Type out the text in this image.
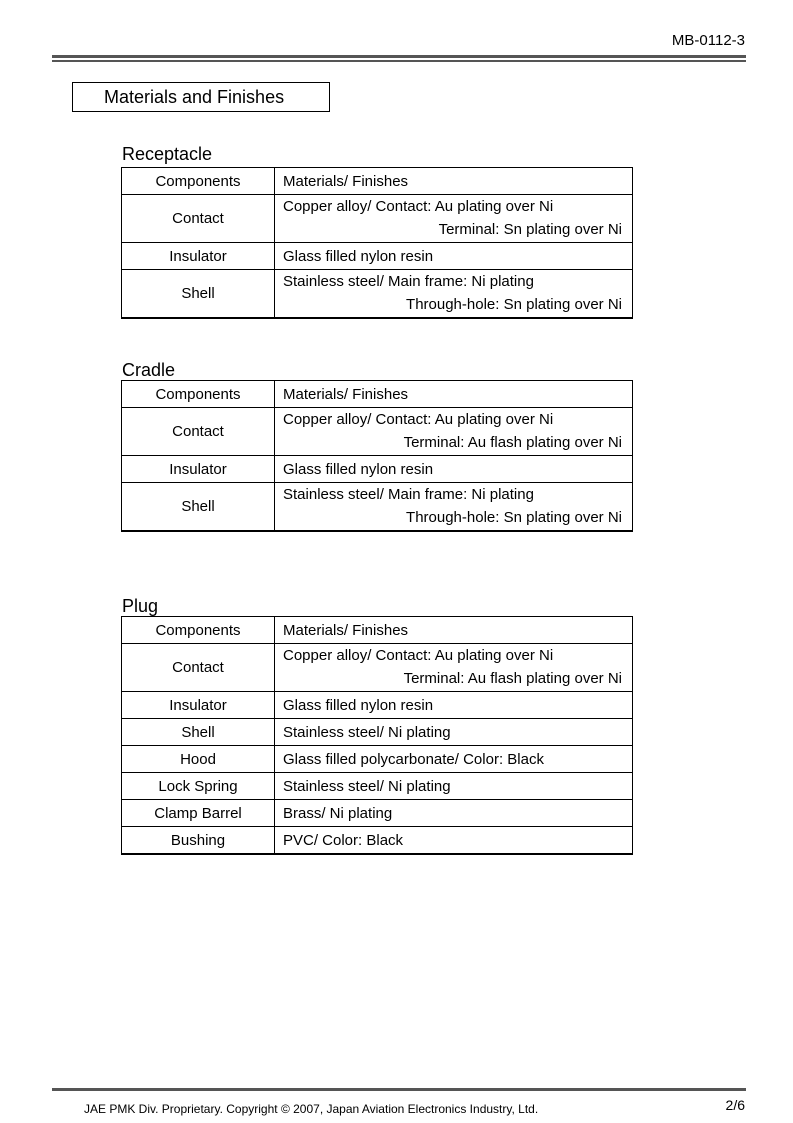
MB-0112-3
Materials and Finishes
Receptacle
Components	Materials/ Finishes
Contact	Copper alloy/ Contact: Au plating over Ni
Terminal: Sn plating over Ni

Insulator	Glass filled nylon resin
Shell	Stainless steel/ Main frame: Ni plating
Through-hole: Sn plating over Ni
Cradle
Components	Materials/ Finishes
Contact	Copper alloy/ Contact: Au plating over Ni
Terminal: Au flash plating over Ni

Insulator	Glass filled nylon resin
Shell	Stainless steel/ Main frame: Ni plating
Through-hole: Sn plating over Ni
Plug
Components	Materials/ Finishes
Contact	Copper alloy/ Contact: Au plating over Ni
Terminal: Au flash plating over Ni

Insulator	Glass filled nylon resin
Shell	Stainless steel/ Ni plating
Hood	Glass filled polycarbonate/ Color: Black
Lock Spring	Stainless steel/ Ni plating
Clamp Barrel	Brass/ Ni plating
Bushing	PVC/ Color: Black
JAE PMK Div. Proprietary. Copyright © 2007, Japan Aviation Electronics Industry, Ltd.	2/6
